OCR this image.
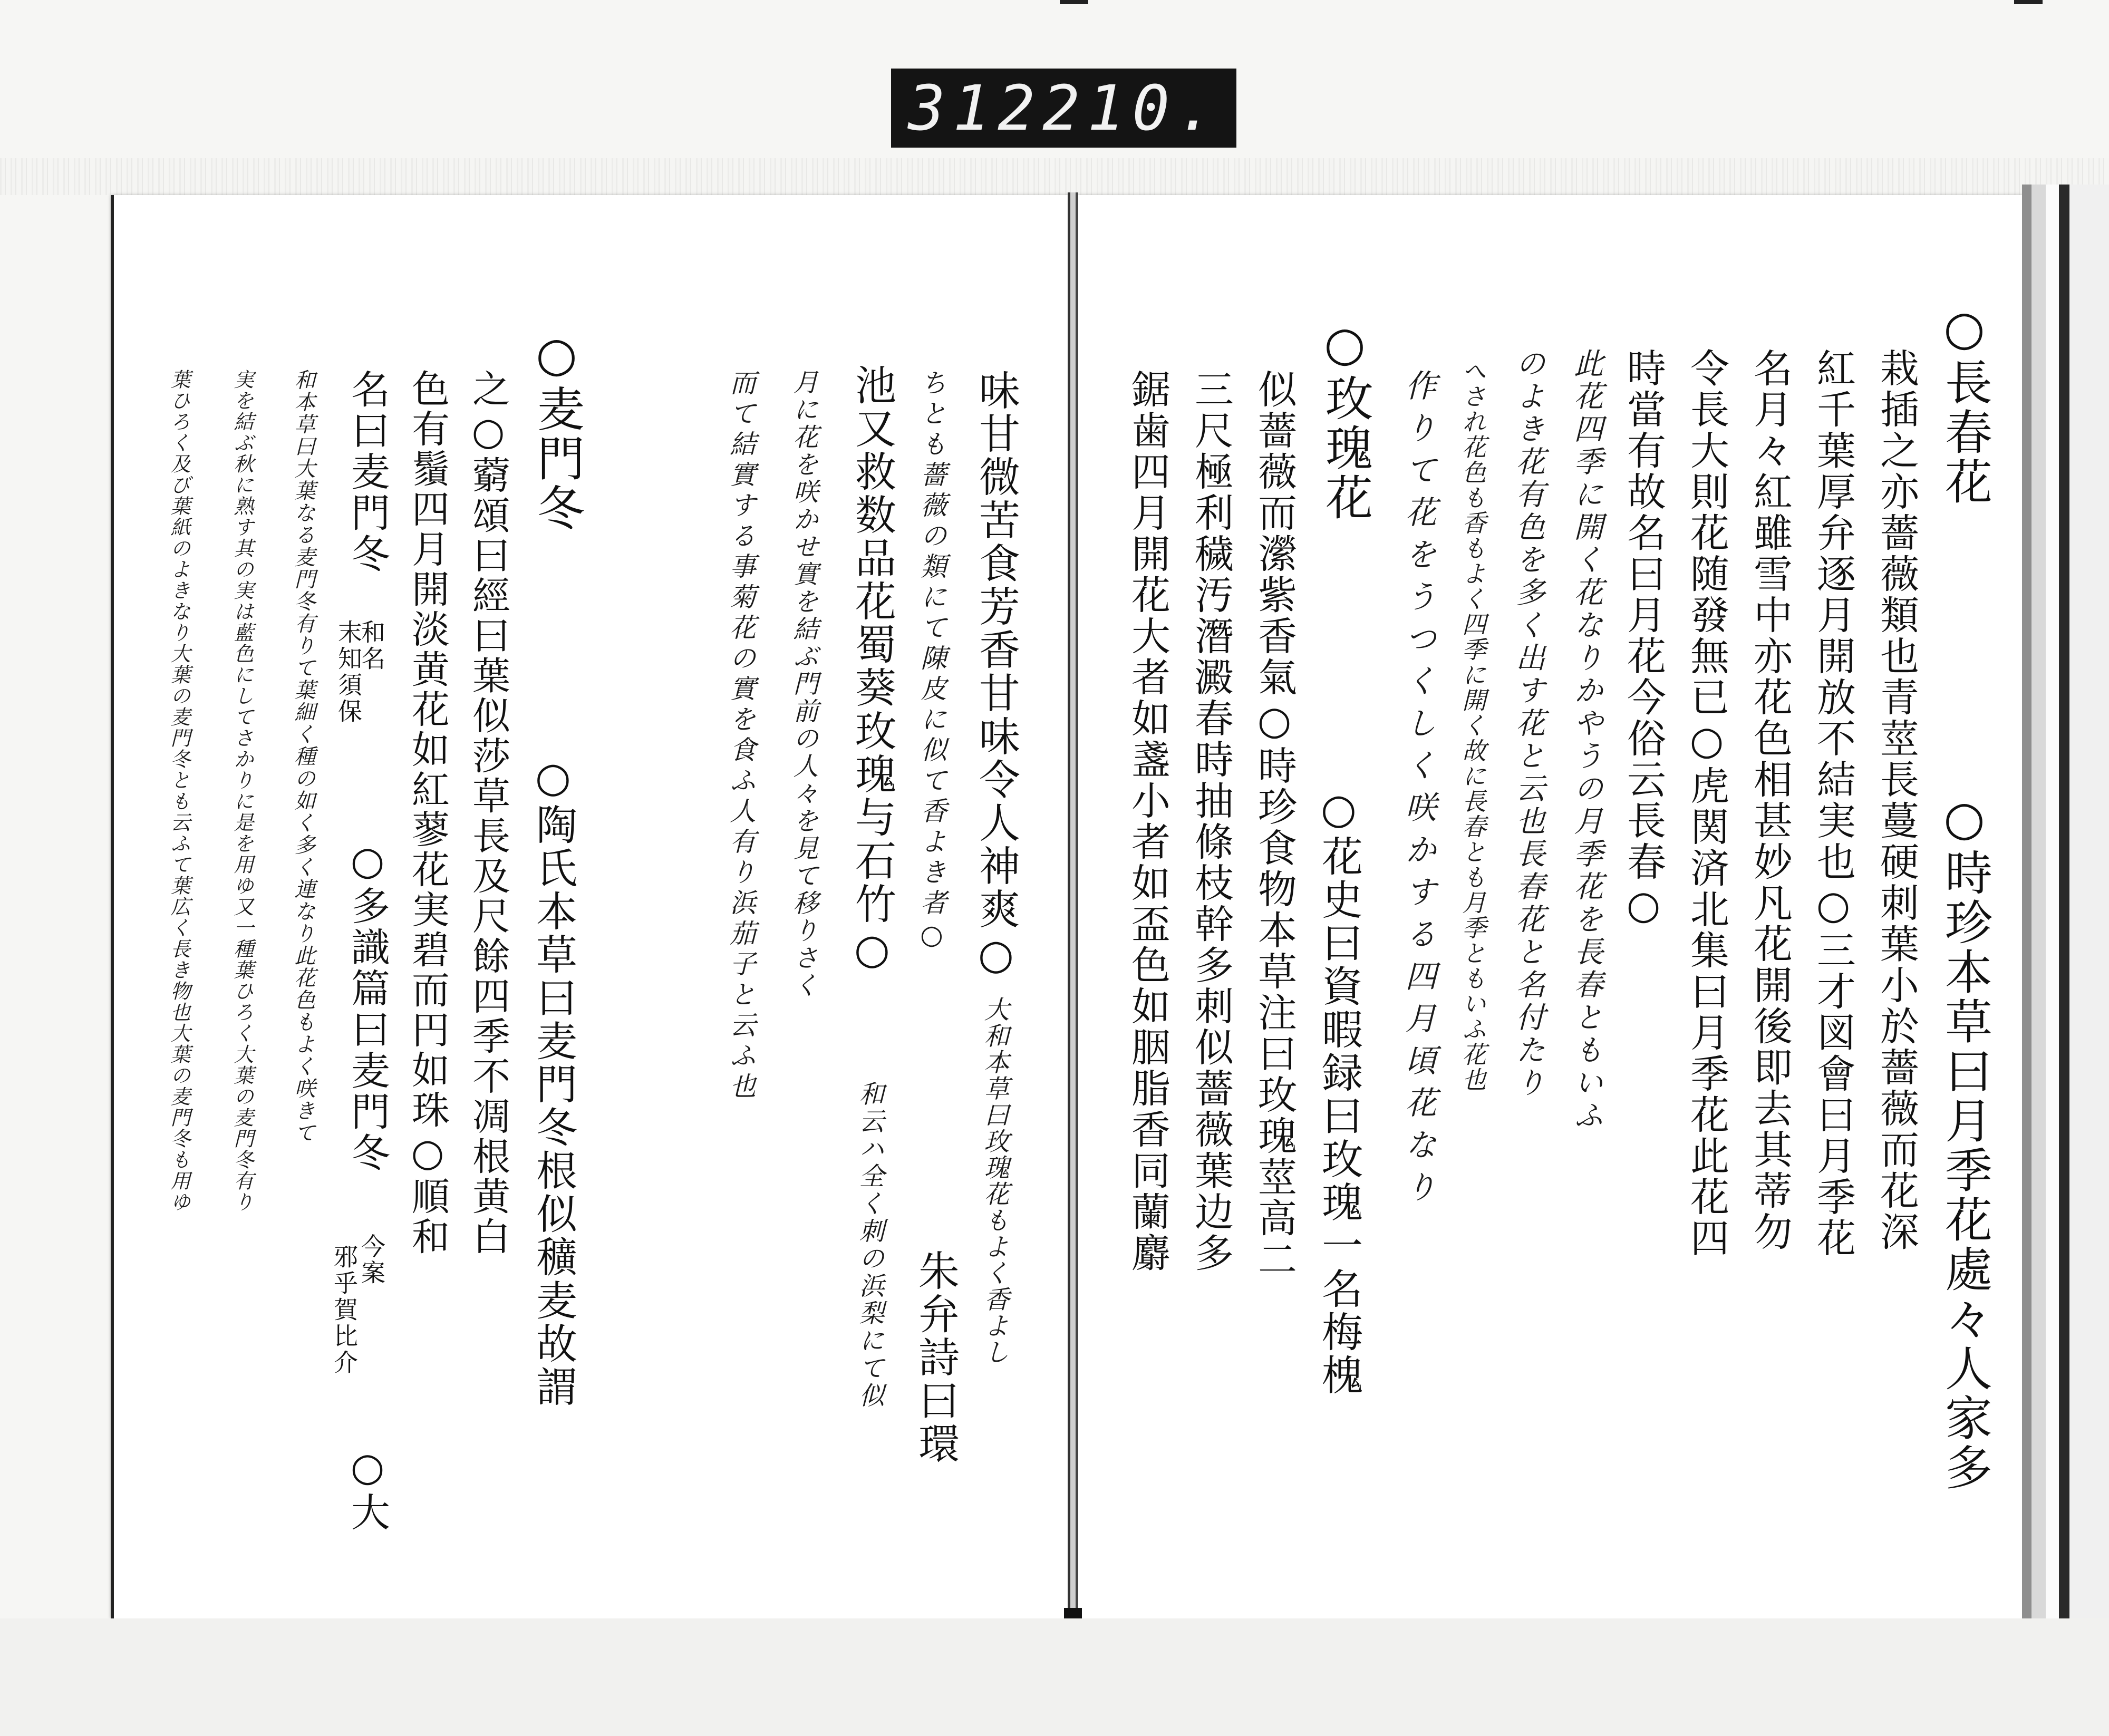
312 210.
○長春花
○時珍本草曰月季花處々人家多
栽插之亦薔薇類也青莖長蔓硬刺葉小於薔薇而花深
紅千葉厚弁逐月開放不結実也○三才図會曰月季花
名月々紅雖雪中亦花色相甚妙凡花開後即去其蒂勿
令長大則花随發無已○虎関済北集曰月季花此花四
時當有故名曰月花今俗云長春○
此花四季に開く花なりかやうの月季花を長春ともいふ
のよき花有色を多く出す花と云也長春花と名付たり
へされ花色も香もよく四季に開く故に長春とも月季ともいふ花也
作りて花をうつくしく咲かする四月頃花なり
○玫瑰花
○花史曰資暇録曰玫瑰一名梅槐
似薔薇而瀠紫香氣○時珍食物本草注曰玫瑰莖高二
三尺極利穢汚潛澱春時抽條枝幹多刺似薔薇葉边多
鋸歯四月開花大者如盞小者如盃色如胭脂香同蘭麝
味甘微苦食芳香甘味令人神爽○
大和本草曰玫瑰花もよく香よし
ちとも薔薇の類にて陳皮に似て香よき者○
朱弁詩曰環
池又救数品花蜀葵玫瑰与石竹○
和云ハ全く刺の浜梨にて似
月に花を咲かせ實を結ぶ門前の人々を見て移りさく
而て結實する事菊花の實を食ふ人有り浜茄子と云ふ也
○麦門冬
○陶氏本草曰麦門冬根似穬麦故謂
之○藭頌曰經曰葉似莎草長及尺餘四季不凋根黄白
色有鬚四月開淡黄花如紅蓼花実碧而円如珠○順和
名曰麦門冬
和名
末知須保
○多識篇曰麦門冬
今案
邪乎賀比介
○大
和本草曰大葉なる麦門冬有りて葉細く種の如く多く連なり此花色もよく咲きて
実を結ぶ秋に熟す其の実は藍色にしてさかりに是を用ゆ又一種葉ひろく大葉の麦門冬有り
葉ひろく及び葉紙のよきなり大葉の麦門冬とも云ふて葉広く長き物也大葉の麦門冬も用ゆ
